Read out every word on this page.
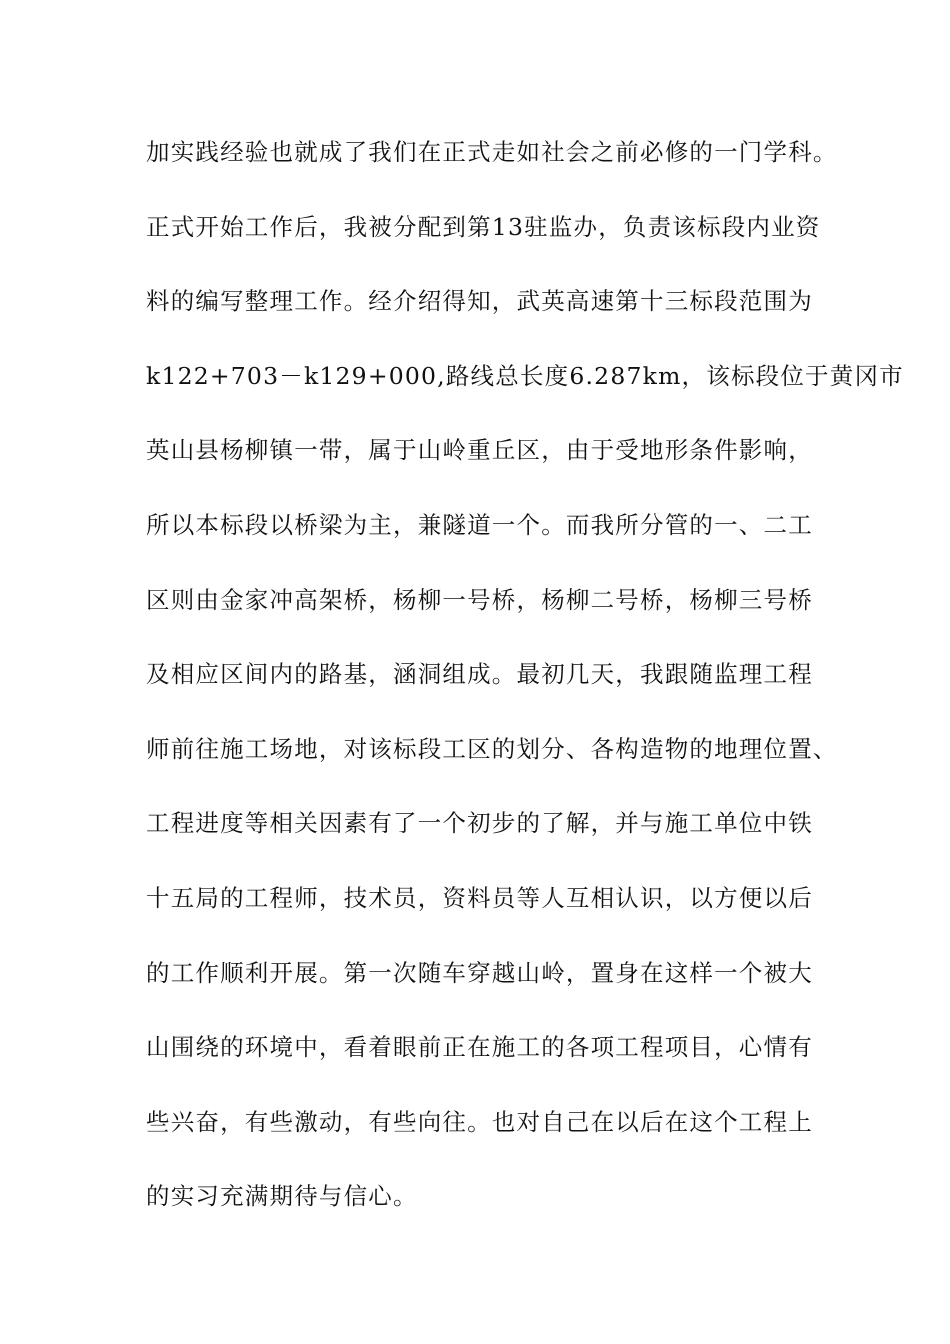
加实践经验也就成了我们在正式走如社会之前必修的一门学科。
正式开始工作后，我被分配到第13驻监办，负责该标段内业资
料的编写整理工作。经介绍得知，武英高速第十三标段范围为
k122+703－k129+000,路线总长度6.287km，该标段位于黄冈市
英山县杨柳镇一带，属于山岭重丘区，由于受地形条件影响，
所以本标段以桥梁为主，兼隧道一个。而我所分管的一、二工
区则由金家冲高架桥，杨柳一号桥，杨柳二号桥，杨柳三号桥
及相应区间内的路基，涵洞组成。最初几天，我跟随监理工程
师前往施工场地，对该标段工区的划分、各构造物的地理位置、
工程进度等相关因素有了一个初步的了解，并与施工单位中铁
十五局的工程师，技术员，资料员等人互相认识，以方便以后
的工作顺利开展。第一次随车穿越山岭，置身在这样一个被大
山围绕的环境中，看着眼前正在施工的各项工程项目，心情有
些兴奋，有些激动，有些向往。也对自己在以后在这个工程上
的实习充满期待与信心。
